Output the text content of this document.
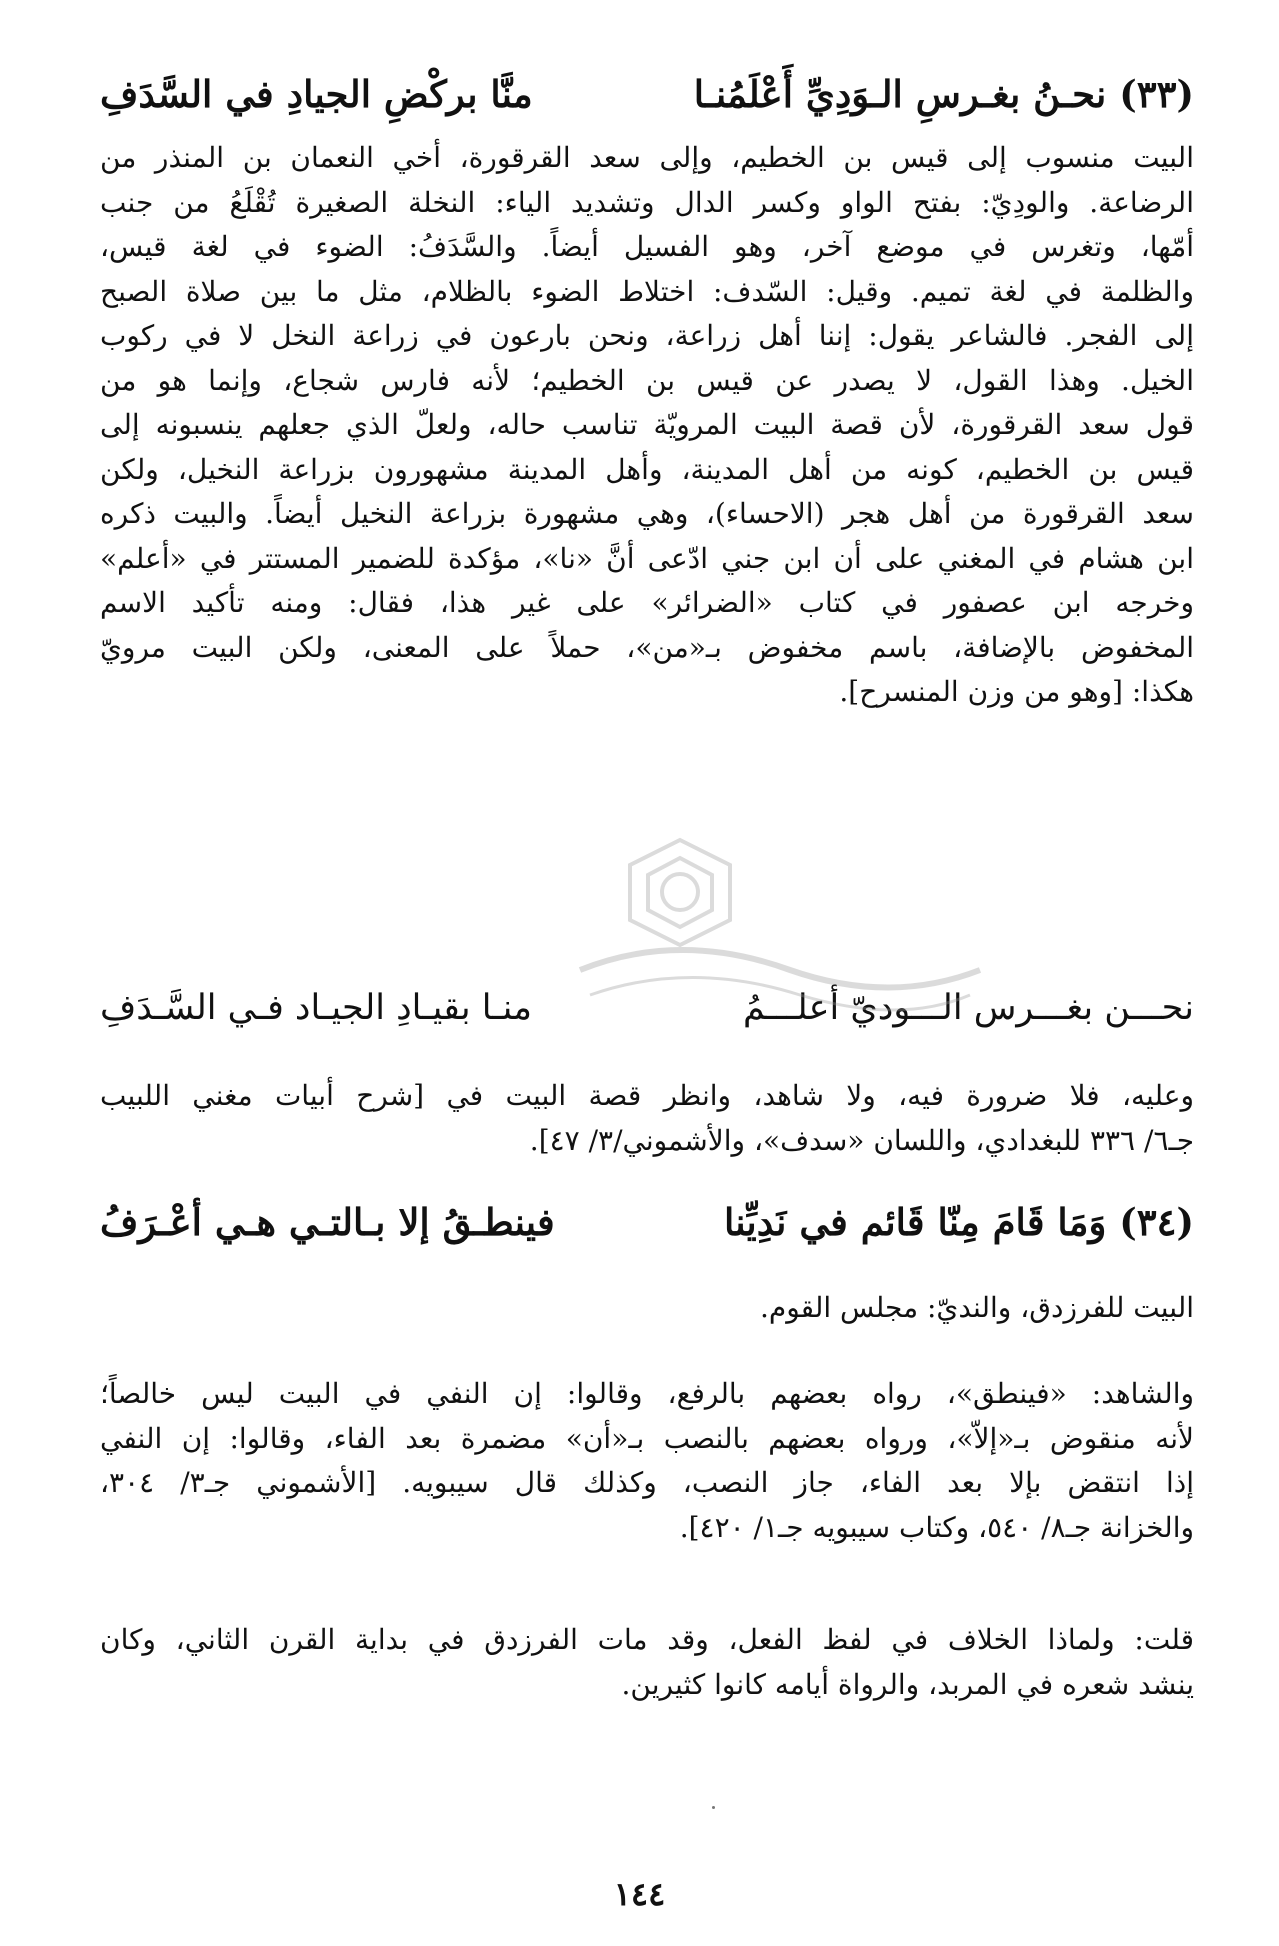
(٣٣) نحـنُ بغـرسِ الـوَدِيِّ أَعْلَمُنـا
منَّا بركْضِ الجيادِ في السَّدَفِ
البيت منسوب إلى قيس بن الخطيم، وإلى سعد القرقورة، أخي النعمان بن المنذر من
الرضاعة. والودِيّ: بفتح الواو وكسر الدال وتشديد الياء: النخلة الصغيرة تُقْلَعُ من جنب
أمّها، وتغرس في موضع آخر، وهو الفسيل أيضاً. والسَّدَفُ: الضوء في لغة قيس،
والظلمة في لغة تميم. وقيل: السّدف: اختلاط الضوء بالظلام، مثل ما بين صلاة الصبح
إلى الفجر. فالشاعر يقول: إننا أهل زراعة، ونحن بارعون في زراعة النخل لا في ركوب
الخيل. وهذا القول، لا يصدر عن قيس بن الخطيم؛ لأنه فارس شجاع، وإنما هو من
قول سعد القرقورة، لأن قصة البيت المرويّة تناسب حاله، ولعلّ الذي جعلهم ينسبونه إلى
قيس بن الخطيم، كونه من أهل المدينة، وأهل المدينة مشهورون بزراعة النخيل، ولكن
سعد القرقورة من أهل هجر (الاحساء)، وهي مشهورة بزراعة النخيل أيضاً. والبيت ذكره
ابن هشام في المغني على أن ابن جني ادّعى أنَّ «نا»، مؤكدة للضمير المستتر في «أعلم»
وخرجه ابن عصفور في كتاب «الضرائر» على غير هذا، فقال: ومنه تأكيد الاسم
المخفوض بالإضافة، باسم مخفوض بـ«من»، حملاً على المعنى، ولكن البيت مرويّ
هكذا: [وهو من وزن المنسرح].
نحـــن بغـــرس الـــوديّ أعلـــمُ
منـا بقيـادِ الجيـاد فـي السَّـدَفِ
وعليه، فلا ضرورة فيه، ولا شاهد، وانظر قصة البيت في [شرح أبيات مغني اللبيب
جـ٦/ ٣٣٦ للبغدادي، واللسان «سدف»، والأشموني/٣/ ٤٧].
(٣٤) وَمَا قَامَ مِنّا قَائم في نَدِيِّنا
فينطـقُ إلا بـالتـي هـي أعْـرَفُ
البيت للفرزدق، والنديّ: مجلس القوم.
والشاهد: «فينطق»، رواه بعضهم بالرفع، وقالوا: إن النفي في البيت ليس خالصاً؛
لأنه منقوض بـ«إلاّ»، ورواه بعضهم بالنصب بـ«أن» مضمرة بعد الفاء، وقالوا: إن النفي
إذا انتقض بإلا بعد الفاء، جاز النصب، وكذلك قال سيبويه. [الأشموني جـ٣/ ٣٠٤،
والخزانة جـ٨/ ٥٤٠، وكتاب سيبويه جـ١/ ٤٢٠].
قلت: ولماذا الخلاف في لفظ الفعل، وقد مات الفرزدق في بداية القرن الثاني، وكان
ينشد شعره في المربد، والرواة أيامه كانوا كثيرين.
١٤٤
